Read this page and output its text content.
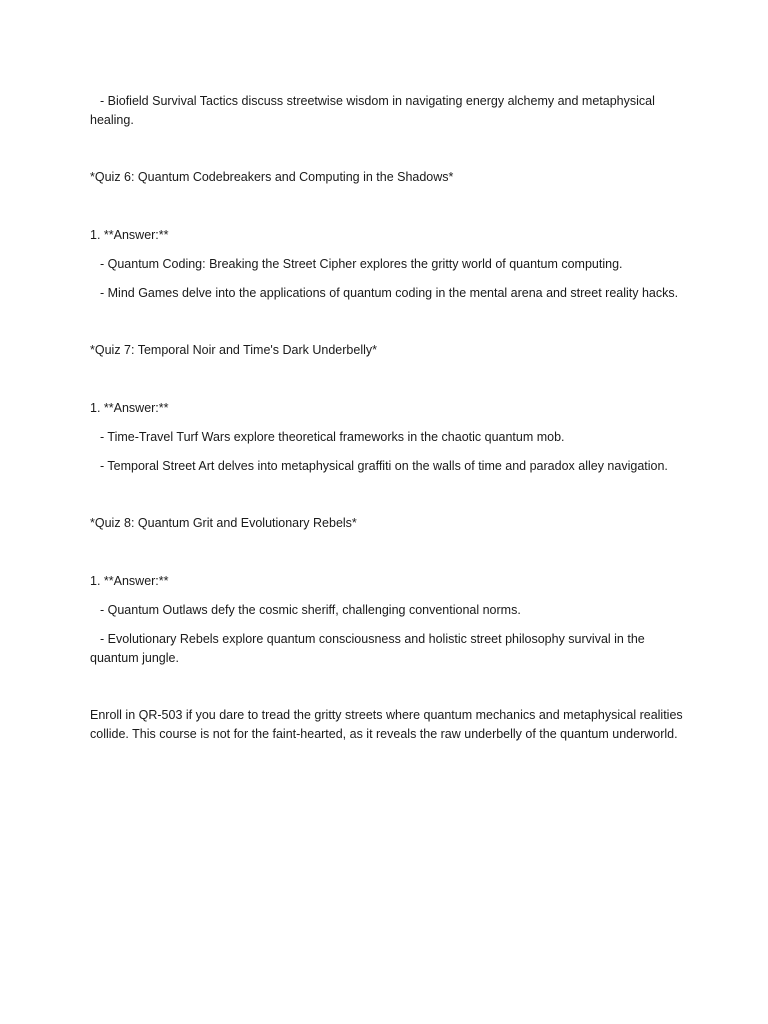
- Biofield Survival Tactics discuss streetwise wisdom in navigating energy alchemy and metaphysical healing.

*Quiz 6: Quantum Codebreakers and Computing in the Shadows*

1. **Answer:**

- Quantum Coding: Breaking the Street Cipher explores the gritty world of quantum computing.

- Mind Games delve into the applications of quantum coding in the mental arena and street reality hacks.

*Quiz 7: Temporal Noir and Time's Dark Underbelly*

1. **Answer:**

- Time-Travel Turf Wars explore theoretical frameworks in the chaotic quantum mob.

- Temporal Street Art delves into metaphysical graffiti on the walls of time and paradox alley navigation.

*Quiz 8: Quantum Grit and Evolutionary Rebels*

1. **Answer:**

- Quantum Outlaws defy the cosmic sheriff, challenging conventional norms.

- Evolutionary Rebels explore quantum consciousness and holistic street philosophy survival in the quantum jungle.

Enroll in QR-503 if you dare to tread the gritty streets where quantum mechanics and metaphysical realities collide. This course is not for the faint-hearted, as it reveals the raw underbelly of the quantum underworld.
